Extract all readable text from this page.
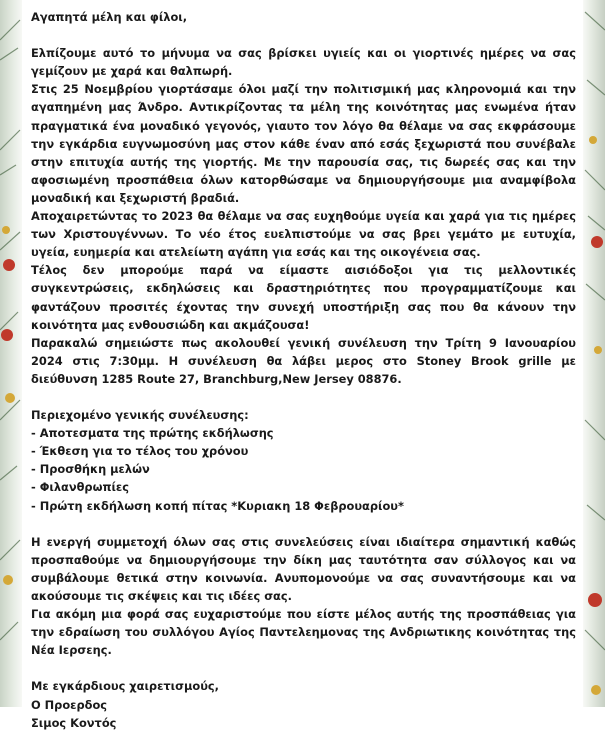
Αγαπητά μέλη και φίλοι,

Ελπίζουμε αυτό το μήνυμα να σας βρίσκει υγιείς και οι γιορτινές ημέρες να σας γεμίζουν με χαρά και θαλπωρή.

Στις 25 Νοεμβρίου γιορτάσαμε όλοι μαζί την πολιτισμική μας κληρονομιά και την αγαπημένη μας Άνδρο. Αντικρίζοντας τα μέλη της κοινότητας μας ενωμένα ήταν πραγματικά ένα μοναδικό γεγονός, γιαυτο τον λόγο θα θέλαμε να σας εκφράσουμε την εγκάρδια ευγνωμοσύνη μας στον κάθε έναν από εσάς ξεχωριστά που συνέβαλε στην επιτυχία αυτής της γιορτής. Με την παρουσία σας, τις δωρεές σας και την αφοσιωμένη προσπάθεια όλων κατορθώσαμε να δημιουργήσουμε μια αναμφίβολα μοναδική και ξεχωριστή βραδιά.

Αποχαιρετώντας το 2023 θα θέλαμε να σας ευχηθούμε υγεία και χαρά για τις ημέρες των Χριστουγέννων. Το νέο έτος ευελπιστούμε να σας βρει γεμάτο με ευτυχία, υγεία, ευημερία και ατελείωτη αγάπη για εσάς και της οικογένεια σας.

Τέλος δεν μπορούμε παρά να είμαστε αισιόδοξοι για τις μελλοντικές συγκεντρώσεις, εκδηλώσεις και δραστηριότητες που προγραμματίζουμε και φαντάζουν προσιτές έχοντας την συνεχή υποστήριξη σας που θα κάνουν την κοινότητα μας ενθουσιώδη και ακμάζουσα!

Παρακαλώ σημειώστε πως ακολουθεί γενική συνέλευση την Τρίτη 9 Ιανουαρίου 2024 στις 7:30μμ. Η συνέλευση θα λάβει μερος στο Stoney Brook grille με διεύθυνση 1285 Route 27, Branchburg,New Jersey 08876.

Περιεχομένο γενικής συνέλευσης:

- Αποτεσματα της πρώτης εκδήλωσης
- Έκθεση για το τέλος του χρόνου
- Προσθήκη μελών
- Φιλανθρωπίες
- Πρώτη εκδήλωση κοπή πίτας *Κυριακη 18 Φεβρουαρίου*

Η ενεργή συμμετοχή όλων σας στις συνελεύσεις είναι ιδιαίτερα σημαντική καθώς προσπαθούμε να δημιουργήσουμε την δίκη μας ταυτότητα σαν σύλλογος και να συμβάλουμε θετικά στην κοινωνία. Ανυπομονούμε να σας συναντήσουμε και να ακούσουμε τις σκέψεις και τις ιδέες σας.

Για ακόμη μια φορά σας ευχαριστούμε που είστε μέλος αυτής της προσπάθειας για την εδραίωση του συλλόγου Αγίος Παντελεημονας της Ανδριωτικης κοινότητας της Νέα Ιερσεης.

Με εγκάρδιους χαιρετισμούς,

Ο Προερδος

Σιμος Κοντός
